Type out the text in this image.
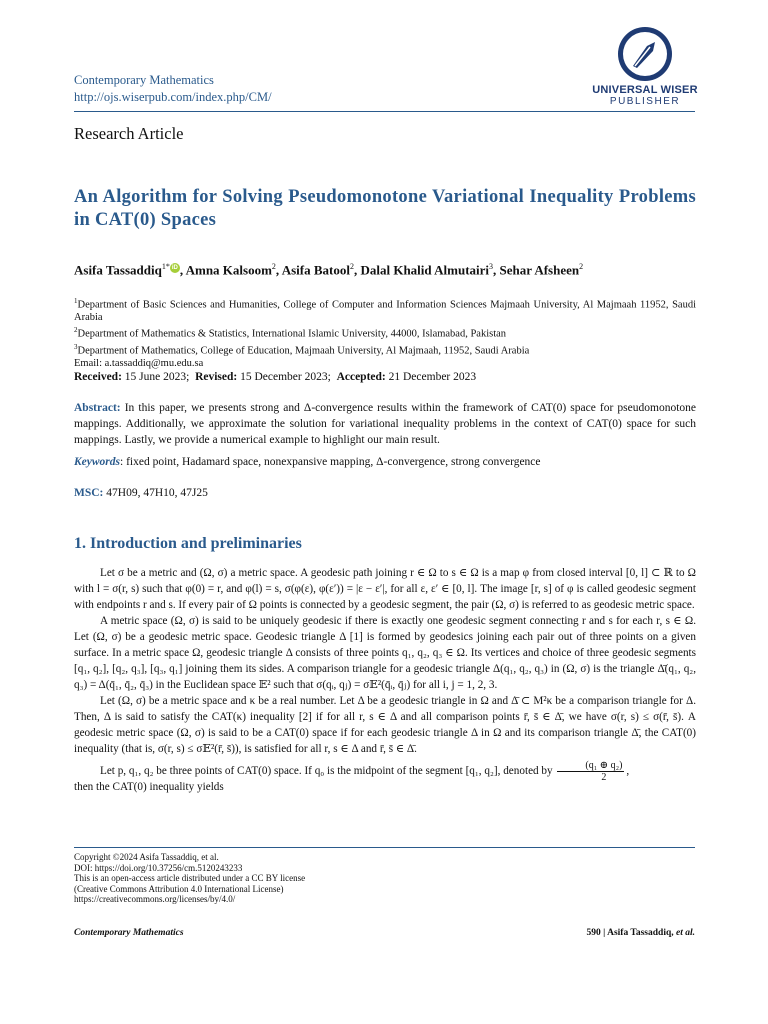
Contemporary Mathematics
http://ojs.wiserpub.com/index.php/CM/	UNIVERSAL WISER
PUBLISHER
Research Article
An Algorithm for Solving Pseudomonotone Variational Inequality Problems in CAT(0) Spaces
Asifa Tassaddiq$^{1*}$ iD , Amna Kalsoom$^2$, Asifa Batool$^2$, Dalal Khalid Almutairi$^3$, Sehar Afsheen$^2$
$^1$Department of Basic Sciences and Humanities, College of Computer and Information Sciences Majmaah University, Al Majmaah 11952, Saudi Arabia
$^2$Department of Mathematics & Statistics, International Islamic University, 44000, Islamabad, Pakistan
$^3$Department of Mathematics, College of Education, Majmaah University, Al Majmaah, 11952, Saudi Arabia
Email: a.tassaddiq@mu.edu.sa
Received: 15 June 2023; Revised: 15 December 2023; Accepted: 21 December 2023
Abstract: In this paper, we presents strong and Δ-convergence results within the framework of CAT(0) space for pseudomonotone mappings. Additionally, we approximate the solution for variational inequality problems in the context of CAT(0) space for such mappings. Lastly, we provide a numerical example to highlight our main result.
Keywords: fixed point, Hadamard space, nonexpansive mapping, Δ-convergence, strong convergence
MSC: 47H09, 47H10, 47J25
1. Introduction and preliminaries

Let σ be a metric and (Ω, σ) a metric space. A geodesic path joining r ∈ Ω to s ∈ Ω is a map φ from closed interval [0, l] ⊂ ℝ to Ω with l = σ(r, s) such that φ(0) = r, and φ(l) = s, σ(φ(ε), φ(ε′)) = |ε − ε′|, for all ε, ε′ ∈ [0, l]. The image [r, s] of φ is called geodesic segment with endpoints r and s. If every pair of Ω points is connected by a geodesic segment, the pair (Ω, σ) is referred to as geodesic metric space.

A metric space (Ω, σ) is said to be uniquely geodesic if there is exactly one geodesic segment connecting r and s for each r, s ∈ Ω. Let (Ω, σ) be a geodesic metric space. Geodesic triangle Δ [1] is formed by geodesics joining each pair out of three points on a given surface. In a metric space Ω, geodesic triangle Δ consists of three points q₁, q₂, q₃ ∈ Ω. Its vertices and choice of three geodesic segments [q₁, q₂], [q₂, q₃], [q₃, q₁] joining them its sides. A comparison triangle for a geodesic triangle Δ(q₁, q₂, q₃) in (Ω, σ) is the triangle Δ̄(q₁, q₂, q₃) = Δ(q̄₁, q̄₂, q̄₃) in the Euclidean space 𝔼² such that σ(qᵢ, qⱼ) = σ𝔼²(q̄ᵢ, q̄ⱼ) for all i, j = 1, 2, 3.

Let (Ω, σ) be a metric space and κ be a real number. Let Δ be a geodesic triangle in Ω and Δ̄ ⊂ M²κ be a comparison triangle for Δ. Then, Δ is said to satisfy the CAT(κ) inequality [2] if for all r, s ∈ Δ and all comparison points r̄, s̄ ∈ Δ̄, we have σ(r, s) ≤ σ(r̄, s̄). A geodesic metric space (Ω, σ) is said to be a CAT(0) space if for each geodesic triangle Δ in Ω and its comparison triangle Δ̄, the CAT(0) inequality (that is, σ(r, s) ≤ σ𝔼²(r̄, s̄)), is satisfied for all r, s ∈ Δ and r̄, s̄ ∈ Δ̄.

Let p, q₁, q₂ be three points of CAT(0) space. If q₀ is the midpoint of the segment [q₁, q₂], denoted by $\frac{\text{(q₁ ⊕ q₂)}}{2}$ ,

then the CAT(0) inequality yields
Copyright ©2024 Asifa Tassaddiq, et al.
DOI: https://doi.org/10.37256/cm.5120243233
This is an open-access article distributed under a CC BY license
(Creative Commons Attribution 4.0 International License)
https://creativecommons.org/licenses/by/4.0/
Contemporary Mathematics	590 | Asifa Tassaddiq, et al.
